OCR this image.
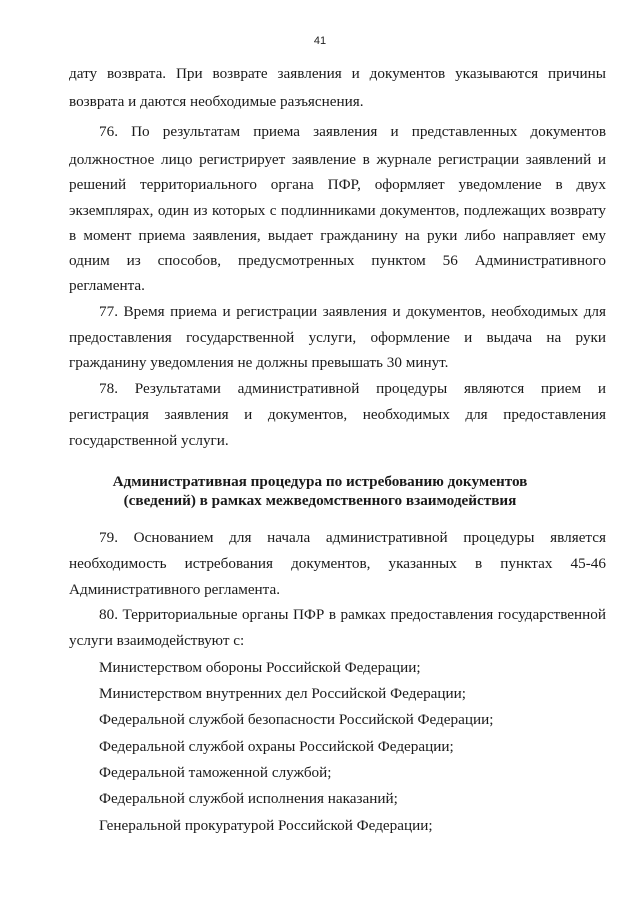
41
дату возврата. При возврате заявления и документов указываются причины
возврата и даются необходимые разъяснения.
76. По результатам приема заявления и представленных документов
должностное лицо регистрирует заявление в журнале регистрации заявлений и
решений территориального органа ПФР, оформляет уведомление в двух
экземплярах, один из которых с подлинниками документов, подлежащих возврату
в момент приема заявления, выдает гражданину на руки либо направляет ему
одним из способов, предусмотренных пунктом 56 Административного
регламента.
77. Время приема и регистрации заявления и документов, необходимых для
предоставления государственной услуги, оформление и выдача на руки
гражданину уведомления не должны превышать 30 минут.
78. Результатами административной процедуры являются прием и
регистрация заявления и документов, необходимых для предоставления
государственной услуги.
Административная процедура по истребованию документов
(сведений) в рамках межведомственного взаимодействия
79. Основанием для начала административной процедуры является
необходимость истребования документов, указанных в пунктах 45-46
Административного регламента.
80. Территориальные органы ПФР в рамках предоставления государственной
услуги взаимодействуют с:
Министерством обороны Российской Федерации;
Министерством внутренних дел Российской Федерации;
Федеральной службой безопасности Российской Федерации;
Федеральной службой охраны Российской Федерации;
Федеральной таможенной службой;
Федеральной службой исполнения наказаний;
Генеральной прокуратурой Российской Федерации;
